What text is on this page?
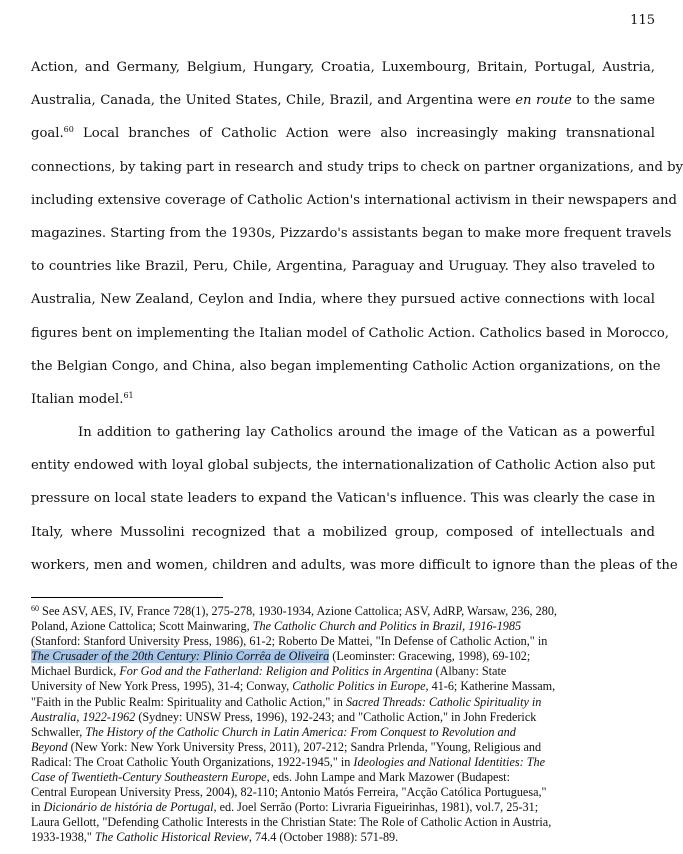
115
Action, and Germany, Belgium, Hungary, Croatia, Luxembourg, Britain, Portugal, Austria,
Australia, Canada, the United States, Chile, Brazil, and Argentina were en route to the same
goal.$^{60}$ Local branches of Catholic Action were also increasingly making transnational
connections, by taking part in research and study trips to check on partner organizations, and by
including extensive coverage of Catholic Action's international activism in their newspapers and
magazines. Starting from the 1930s, Pizzardo's assistants began to make more frequent travels
to countries like Brazil, Peru, Chile, Argentina, Paraguay and Uruguay. They also traveled to
Australia, New Zealand, Ceylon and India, where they pursued active connections with local
figures bent on implementing the Italian model of Catholic Action. Catholics based in Morocco,
the Belgian Congo, and China, also began implementing Catholic Action organizations, on the
Italian model.$^{61}$
In addition to gathering lay Catholics around the image of the Vatican as a powerful
entity endowed with loyal global subjects, the internationalization of Catholic Action also put
pressure on local state leaders to expand the Vatican's influence. This was clearly the case in
Italy, where Mussolini recognized that a mobilized group, composed of intellectuals and
workers, men and women, children and adults, was more difficult to ignore than the pleas of the
$^{60}$ See ASV, AES, IV, France 728(1), 275-278, 1930-1934, Azione Cattolica; ASV, AdRP, Warsaw, 236, 280,
Poland, Azione Cattolica; Scott Mainwaring, The Catholic Church and Politics in Brazil, 1916-1985
(Stanford: Stanford University Press, 1986), 61-2; Roberto De Mattei, "In Defense of Catholic Action," in
The Crusader of the 20th Century: Plinio Corrêa de Oliveira (Leominster: Gracewing, 1998), 69-102;
Michael Burdick, For God and the Fatherland: Religion and Politics in Argentina (Albany: State
University of New York Press, 1995), 31-4; Conway, Catholic Politics in Europe, 41-6; Katherine Massam,
"Faith in the Public Realm: Spirituality and Catholic Action," in Sacred Threads: Catholic Spirituality in
Australia, 1922-1962 (Sydney: UNSW Press, 1996), 192-243; and "Catholic Action," in John Frederick
Schwaller, The History of the Catholic Church in Latin America: From Conquest to Revolution and
Beyond (New York: New York University Press, 2011), 207-212; Sandra Prlenda, "Young, Religious and
Radical: The Croat Catholic Youth Organizations, 1922-1945," in Ideologies and National Identities: The
Case of Twentieth-Century Southeastern Europe, eds. John Lampe and Mark Mazower (Budapest:
Central European University Press, 2004), 82-110; Antonio Matós Ferreira, "Acção Católica Portuguesa,"
in Dicionário de história de Portugal, ed. Joel Serrão (Porto: Livraria Figueirinhas, 1981), vol.7, 25-31;
Laura Gellott, "Defending Catholic Interests in the Christian State: The Role of Catholic Action in Austria,
1933-1938," The Catholic Historical Review, 74.4 (October 1988): 571-89.
